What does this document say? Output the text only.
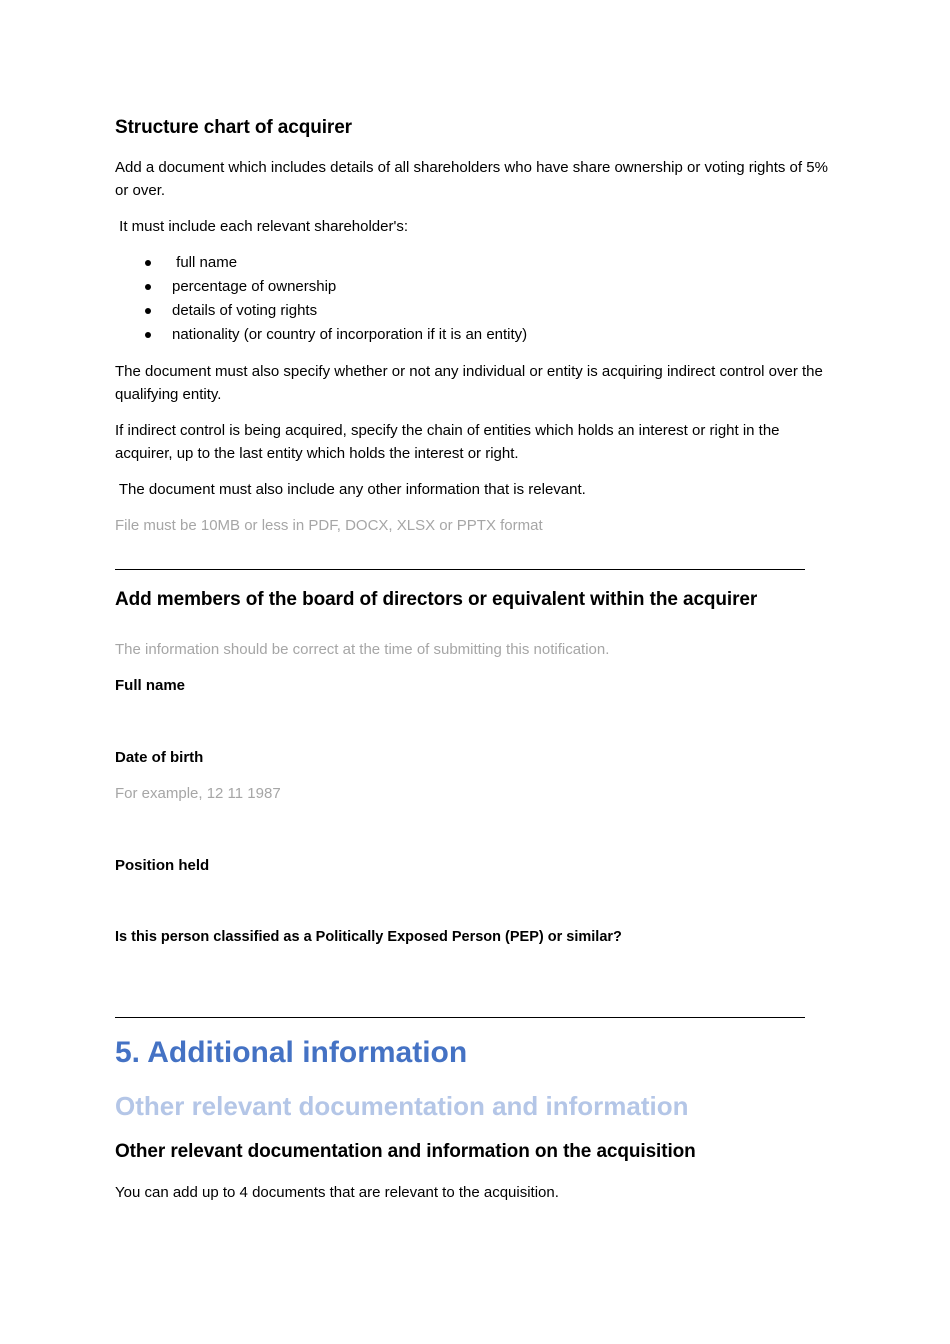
Structure chart of acquirer
Add a document which includes details of all shareholders who have share ownership or voting rights of 5% or over.
It must include each relevant shareholder's:
full name
percentage of ownership
details of voting rights
nationality (or country of incorporation if it is an entity)
The document must also specify whether or not any individual or entity is acquiring indirect control over the qualifying entity.
If indirect control is being acquired, specify the chain of entities which holds an interest or right in the acquirer, up to the last entity which holds the interest or right.
The document must also include any other information that is relevant.
File must be 10MB or less in PDF, DOCX, XLSX or PPTX format
Add members of the board of directors or equivalent within the acquirer
The information should be correct at the time of submitting this notification.
Full name
Date of birth
For example, 12 11 1987
Position held
Is this person classified as a Politically Exposed Person (PEP) or similar?
5. Additional information
Other relevant documentation and information
Other relevant documentation and information on the acquisition
You can add up to 4 documents that are relevant to the acquisition.
